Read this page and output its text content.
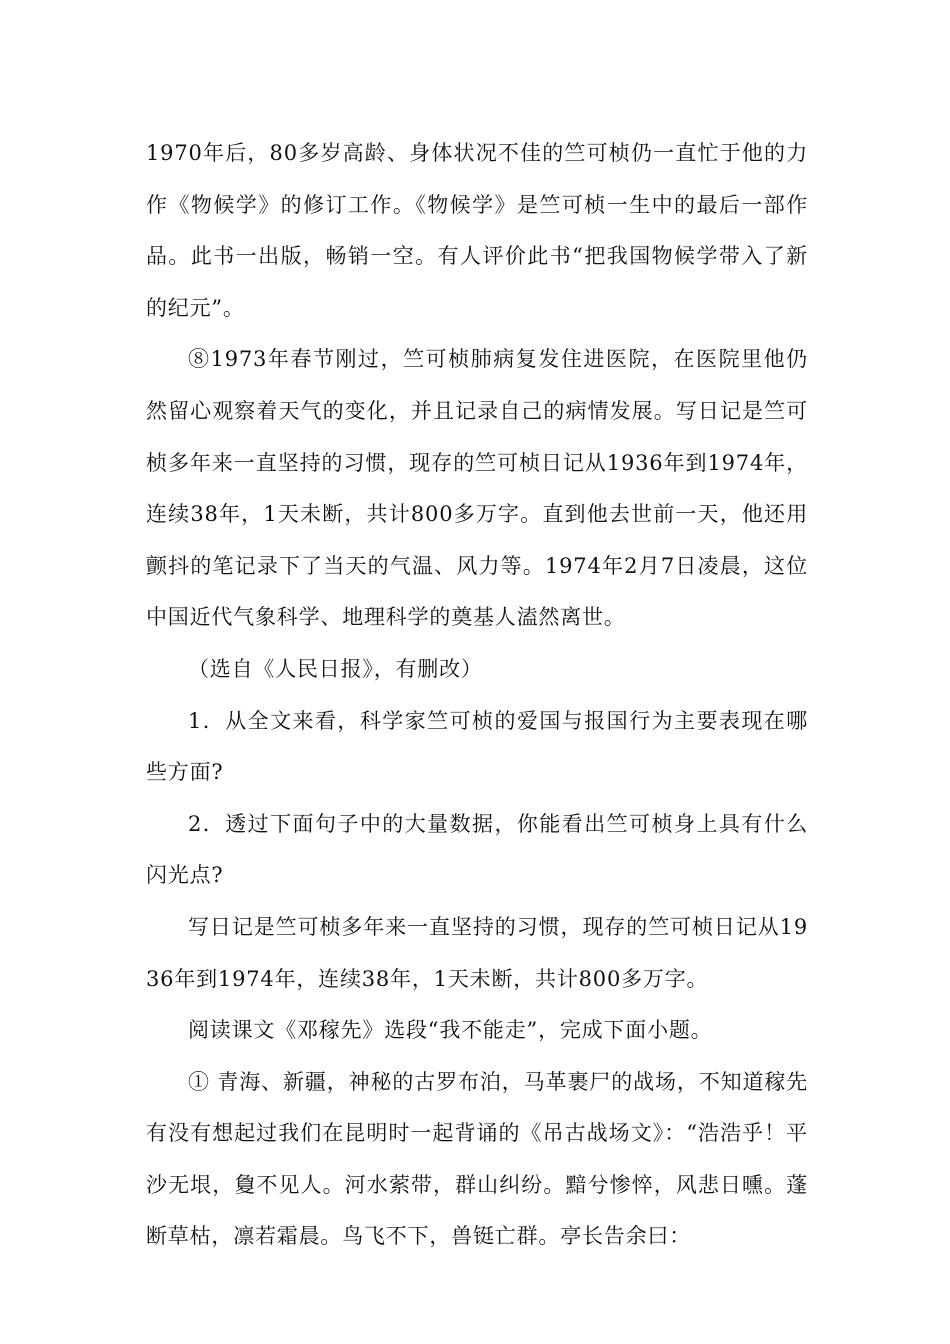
1970年后，80多岁高龄、身体状况不佳的竺可桢仍一直忙于他的力作《物候学》的修订工作。《物候学》是竺可桢一生中的最后一部作品。此书一出版，畅销一空。有人评价此书“把我国物候学带入了新的纪元”。

⑧1973年春节刚过，竺可桢肺病复发住进医院，在医院里他仍然留心观察着天气的变化，并且记录自己的病情发展。写日记是竺可桢多年来一直坚持的习惯，现存的竺可桢日记从1936年到1974年，连续38年，1天未断，共计800多万字。直到他去世前一天，他还用颤抖的笔记录下了当天的气温、风力等。1974年2月7日凌晨，这位中国近代气象科学、地理科学的奠基人溘然离世。

（选自《人民日报》，有删改）

1．从全文来看，科学家竺可桢的爱国与报国行为主要表现在哪些方面?

2．透过下面句子中的大量数据，你能看出竺可桢身上具有什么闪光点?

写日记是竺可桢多年来一直坚持的习惯，现存的竺可桢日记从1936年到1974年，连续38年，1天未断，共计800多万字。

阅读课文《邓稼先》选段“我不能走”，完成下面小题。

① 青海、新疆，神秘的古罗布泊，马革裹尸的战场，不知道稼先有没有想起过我们在昆明时一起背诵的《吊古战场文》：“浩浩乎！平沙无垠，敻不见人。河水萦带，群山纠纷。黯兮惨悴，风悲日曛。蓬断草枯，凛若霜晨。鸟飞不下，兽铤亡群。亭长告余曰：
